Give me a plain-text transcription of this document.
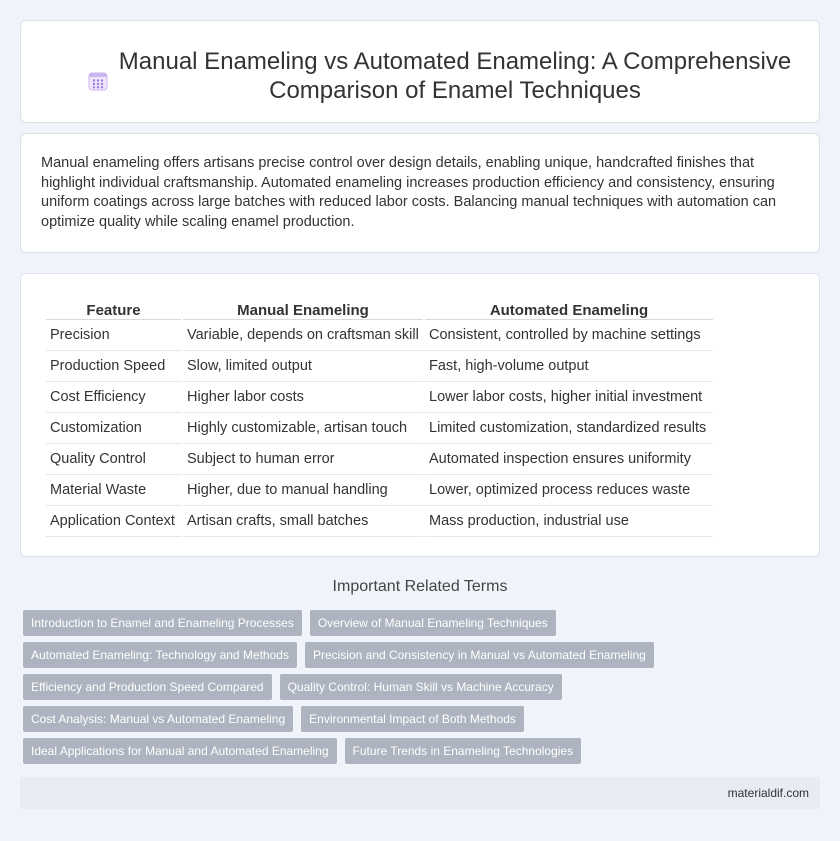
Manual Enameling vs Automated Enameling: A Comprehensive Comparison of Enamel Techniques

Manual enameling offers artisans precise control over design details, enabling unique, handcrafted finishes that highlight individual craftsmanship. Automated enameling increases production efficiency and consistency, ensuring uniform coatings across large batches with reduced labor costs. Balancing manual techniques with automation can optimize quality while scaling enamel production.

Feature	Manual Enameling	Automated Enameling
Precision	Variable, depends on craftsman skill	Consistent, controlled by machine settings
Production Speed	Slow, limited output	Fast, high-volume output
Cost Efficiency	Higher labor costs	Lower labor costs, higher initial investment
Customization	Highly customizable, artisan touch	Limited customization, standardized results
Quality Control	Subject to human error	Automated inspection ensures uniformity
Material Waste	Higher, due to manual handling	Lower, optimized process reduces waste
Application Context	Artisan crafts, small batches	Mass production, industrial use
Important Related Terms
Introduction to Enamel and Enameling Processes	Overview of Manual Enameling Techniques
Automated Enameling: Technology and Methods	Precision and Consistency in Manual vs Automated Enameling
Efficiency and Production Speed Compared	Quality Control: Human Skill vs Machine Accuracy
Cost Analysis: Manual vs Automated Enameling	Environmental Impact of Both Methods
Ideal Applications for Manual and Automated Enameling	Future Trends in Enameling Technologies
materialdif.com
